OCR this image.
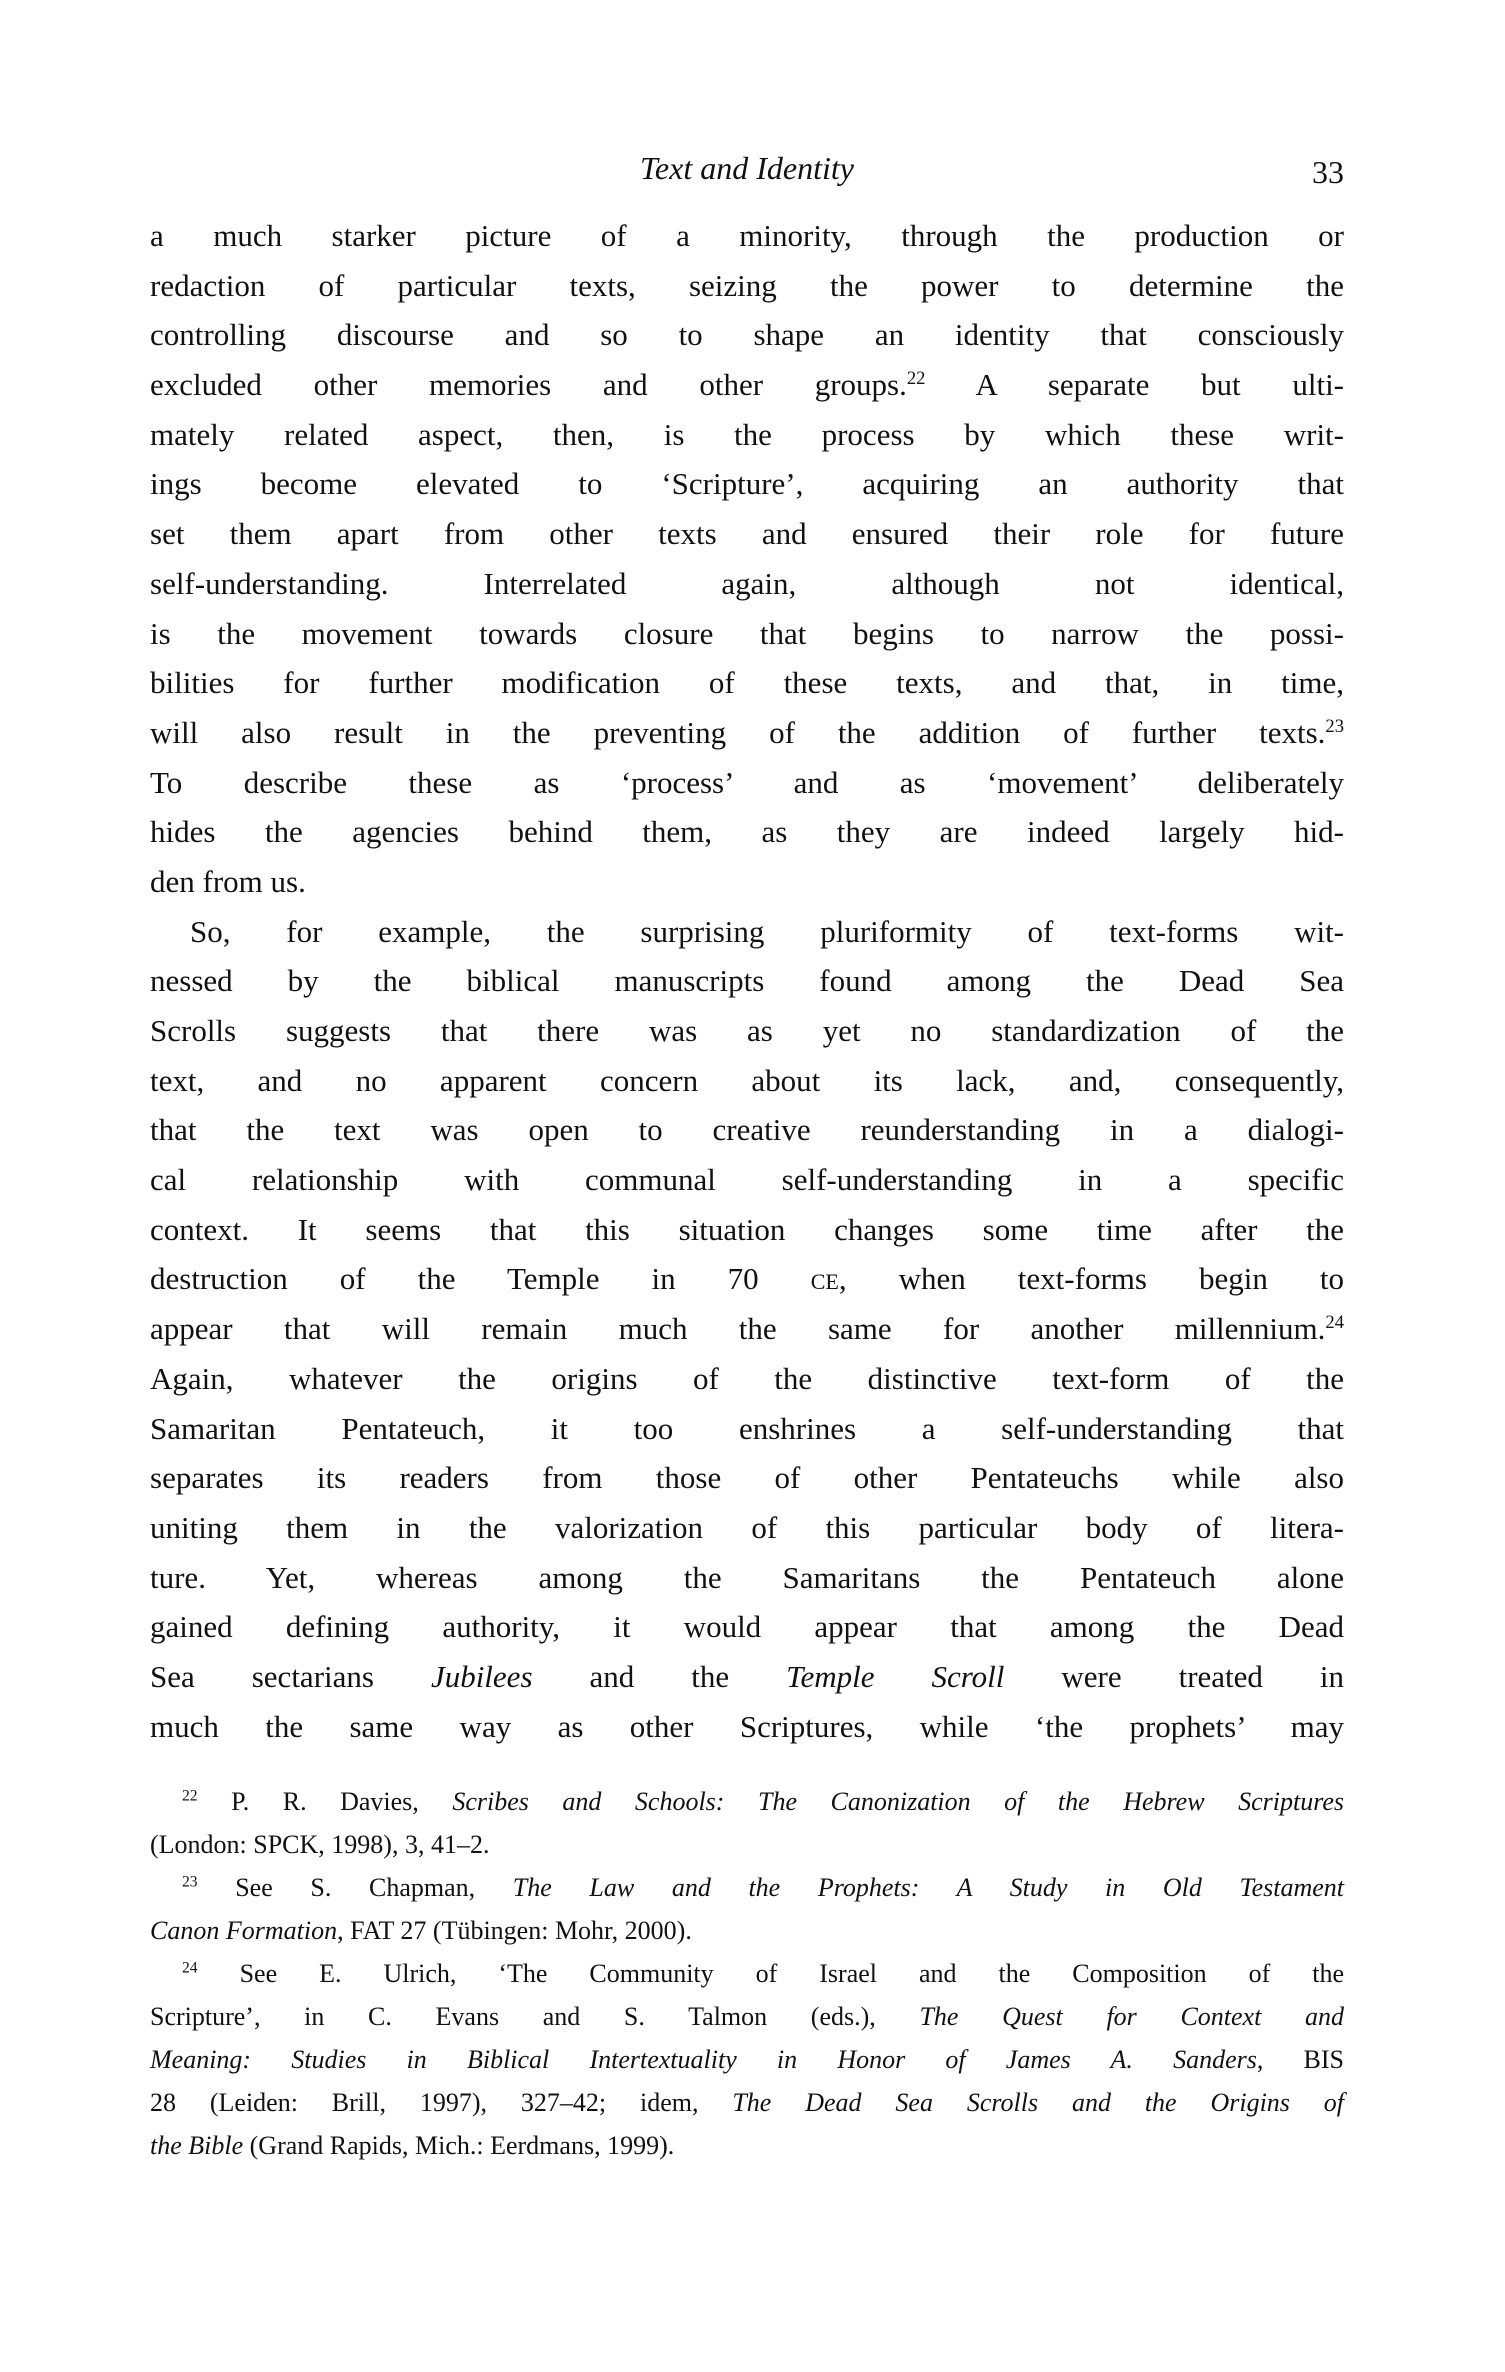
Text and Identity	33
a much starker picture of a minority, through the production or
redaction of particular texts, seizing the power to determine the
controlling discourse and so to shape an identity that consciously
excluded other memories and other groups.$^{22}$ A separate but ulti-
mately related aspect, then, is the process by which these writ-
ings become elevated to ‘Scripture’, acquiring an authority that
set them apart from other texts and ensured their role for future
self-understanding. Interrelated again, although not identical,
is the movement towards closure that begins to narrow the possi-
bilities for further modification of these texts, and that, in time,
will also result in the preventing of the addition of further texts.$^{23}$
To describe these as ‘process’ and as ‘movement’ deliberately
hides the agencies behind them, as they are indeed largely hid-
den from us.
So, for example, the surprising pluriformity of text-forms wit-
nessed by the biblical manuscripts found among the Dead Sea
Scrolls suggests that there was as yet no standardization of the
text, and no apparent concern about its lack, and, consequently,
that the text was open to creative reunderstanding in a dialogi-
cal relationship with communal self-understanding in a specific
context. It seems that this situation changes some time after the
destruction of the Temple in 70 ce, when text-forms begin to
appear that will remain much the same for another millennium.$^{24}$
Again, whatever the origins of the distinctive text-form of the
Samaritan Pentateuch, it too enshrines a self-understanding that
separates its readers from those of other Pentateuchs while also
uniting them in the valorization of this particular body of litera-
ture. Yet, whereas among the Samaritans the Pentateuch alone
gained defining authority, it would appear that among the Dead
Sea sectarians Jubilees and the Temple Scroll were treated in
much the same way as other Scriptures, while ‘the prophets’ may
$^{22}$ P. R. Davies, Scribes and Schools: The Canonization of the Hebrew Scriptures
(London: SPCK, 1998), 3, 41–2.
$^{23}$ See S. Chapman, The Law and the Prophets: A Study in Old Testament
Canon Formation, FAT 27 (Tübingen: Mohr, 2000).
$^{24}$ See E. Ulrich, ‘The Community of Israel and the Composition of the
Scripture’, in C. Evans and S. Talmon (eds.), The Quest for Context and
Meaning: Studies in Biblical Intertextuality in Honor of James A. Sanders, BIS
28 (Leiden: Brill, 1997), 327–42; idem, The Dead Sea Scrolls and the Origins of
the Bible (Grand Rapids, Mich.: Eerdmans, 1999).
